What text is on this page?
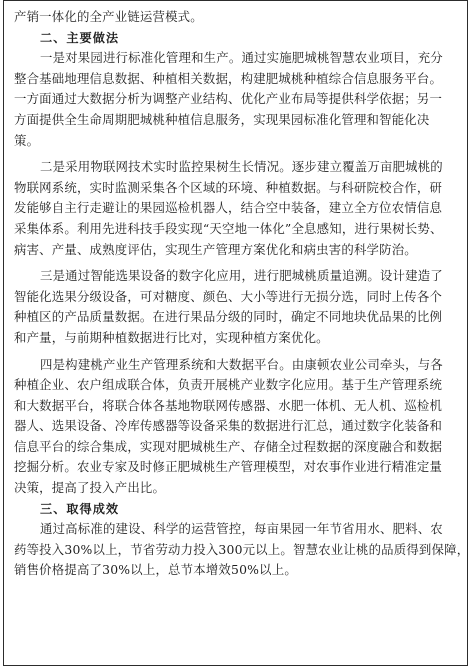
产销一体化的全产业链运营模式。
二、主要做法
一是对果园进行标准化管理和生产。通过实施肥城桃智慧农业项目，充分
整合基础地理信息数据、种植相关数据，构建肥城桃种植综合信息服务平台。
一方面通过大数据分析为调整产业结构、优化产业布局等提供科学依据；另一
方面提供全生命周期肥城桃种植信息服务，实现果园标准化管理和智能化决
策。
二是采用物联网技术实时监控果树生长情况。逐步建立覆盖万亩肥城桃的
物联网系统，实时监测采集各个区域的环境、种植数据。与科研院校合作，研
发能够自主行走避让的果园巡检机器人，结合空中装备，建立全方位农情信息
采集体系。利用先进科技手段实现“天空地一体化”全息感知，进行果树长势、
病害、产量、成熟度评估，实现生产管理方案优化和病虫害的科学防治。
三是通过智能选果设备的数字化应用，进行肥城桃质量追溯。设计建造了
智能化选果分级设备，可对糖度、颜色、大小等进行无损分选，同时上传各个
种植区的产品质量数据。在进行果品分级的同时，确定不同地块优品果的比例
和产量，与前期种植数据进行比对，实现种植方案优化。
四是构建桃产业生产管理系统和大数据平台。由康顿农业公司牵头，与各
种植企业、农户组成联合体，负责开展桃产业数字化应用。基于生产管理系统
和大数据平台，将联合体各基地物联网传感器、水肥一体机、无人机、巡检机
器人、选果设备、冷库传感器等设备采集的数据进行汇总，通过数字化装备和
信息平台的综合集成，实现对肥城桃生产、存储全过程数据的深度融合和数据
挖掘分析。农业专家及时修正肥城桃生产管理模型，对农事作业进行精准定量
决策，提高了投入产出比。
三、取得成效
通过高标准的建设、科学的运营管控，每亩果园一年节省用水、肥料、农
药等投入30%以上，节省劳动力投入300元以上。智慧农业让桃的品质得到保障，
销售价格提高了30%以上，总节本增效50%以上。
